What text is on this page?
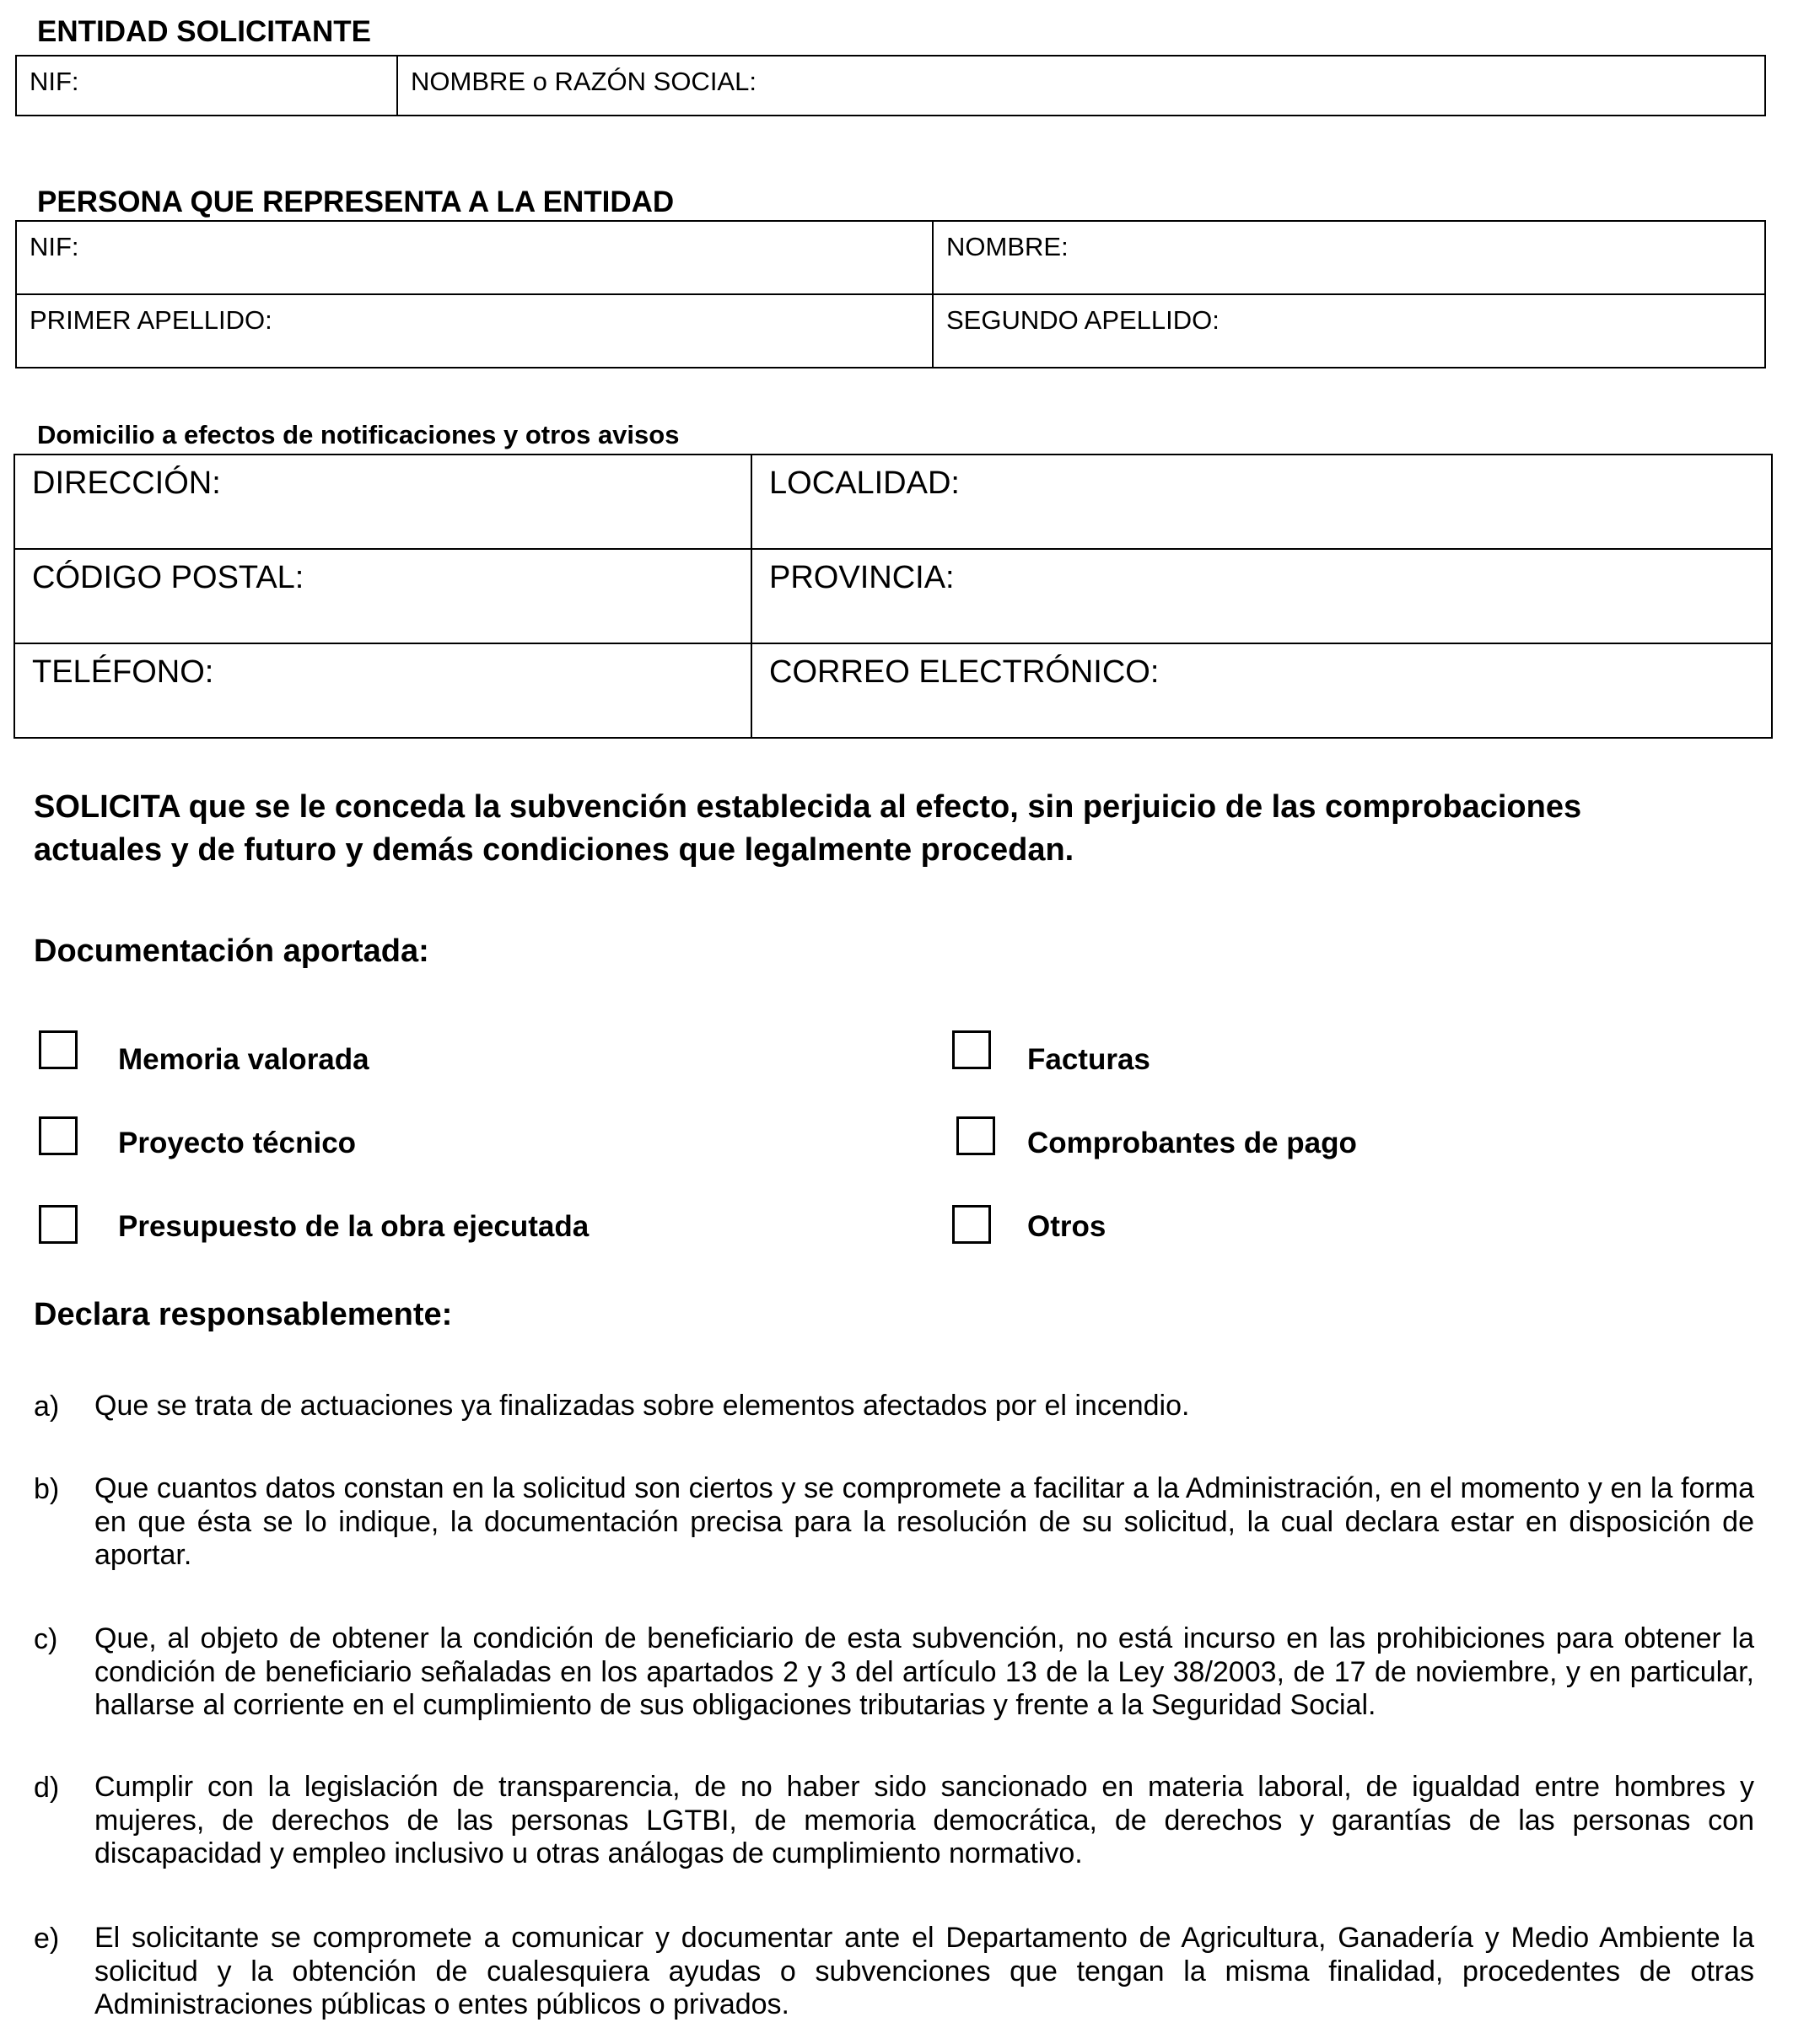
ENTIDAD SOLICITANTE
NIF:	NOMBRE o RAZÓN SOCIAL:
PERSONA QUE REPRESENTA A LA ENTIDAD
NIF:	NOMBRE:
PRIMER APELLIDO:	SEGUNDO APELLIDO:
Domicilio a efectos de notificaciones y otros avisos
DIRECCIÓN:	LOCALIDAD:
CÓDIGO POSTAL:	PROVINCIA:
TELÉFONO:	CORREO ELECTRÓNICO:
SOLICITA que se le conceda la subvención establecida al efecto, sin perjuicio de las comprobaciones
actuales y de futuro y demás condiciones que legalmente procedan.
Documentación aportada:
Memoria valorada	Facturas
Proyecto técnico	Comprobantes de pago
Presupuesto de la obra ejecutada	Otros
Declara responsablemente:
a) Que se trata de actuaciones ya finalizadas sobre elementos afectados por el incendio.
b) Que cuantos datos constan en la solicitud son ciertos y se compromete a facilitar a la Administración, en el momento y en la forma en que ésta se lo indique, la documentación precisa para la resolución de su solicitud, la cual declara estar en disposición de aportar.
c) Que, al objeto de obtener la condición de beneficiario de esta subvención, no está incurso en las prohibiciones para obtener la condición de beneficiario señaladas en los apartados 2 y 3 del artículo 13 de la Ley 38/2003, de 17 de noviembre, y en particular, hallarse al corriente en el cumplimiento de sus obligaciones tributarias y frente a la Seguridad Social.
d) Cumplir con la legislación de transparencia, de no haber sido sancionado en materia laboral, de igualdad entre hombres y mujeres, de derechos de las personas LGTBI, de memoria democrática, de derechos y garantías de las personas con discapacidad y empleo inclusivo u otras análogas de cumplimiento normativo.
e) El solicitante se compromete a comunicar y documentar ante el Departamento de Agricultura, Ganadería y Medio Ambiente la solicitud y la obtención de cualesquiera ayudas o subvenciones que tengan la misma finalidad, procedentes de otras Administraciones públicas o entes públicos o privados.
